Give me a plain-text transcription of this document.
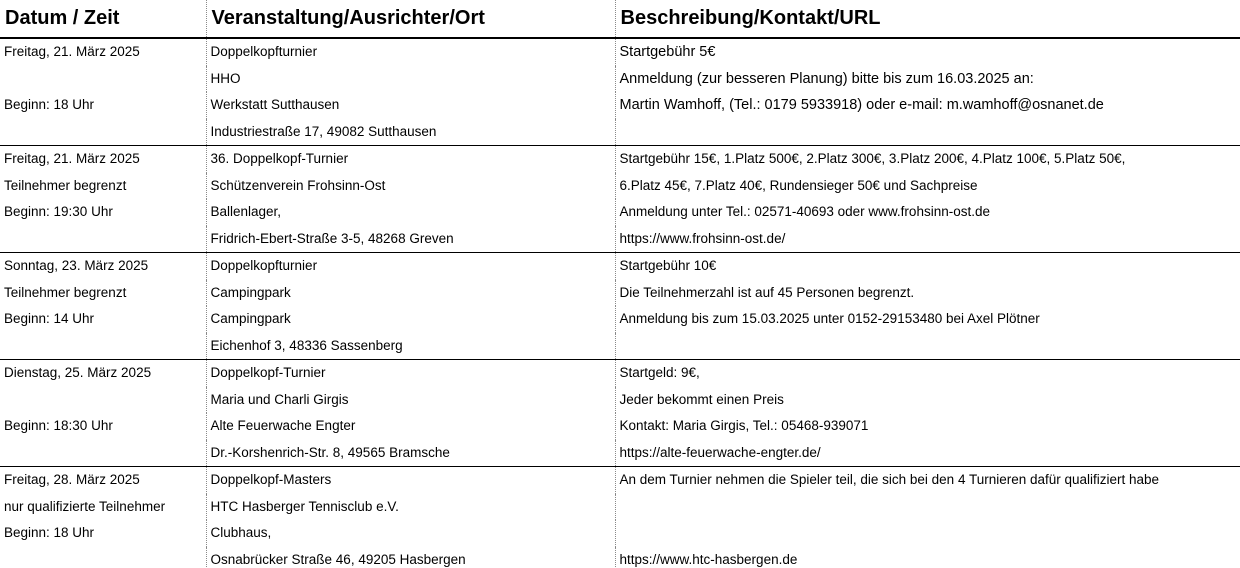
Datum / Zeit	Veranstaltung/Ausrichter/Ort	Beschreibung/Kontakt/URL
Freitag, 21. März 2025	Doppelkopfturnier	Startgebühr 5€
	HHO	Anmeldung (zur besseren Planung) bitte bis zum 16.03.2025 an:
Beginn: 18 Uhr	Werkstatt Sutthausen	Martin Wamhoff, (Tel.: 0179 5933918) oder e-mail: m.wamhoff@osnanet.de
	Industriestraße 17, 49082 Sutthausen	
Freitag, 21. März 2025	36. Doppelkopf-Turnier	Startgebühr 15€, 1.Platz 500€, 2.Platz 300€, 3.Platz 200€, 4.Platz 100€, 5.Platz 50€,
Teilnehmer begrenzt	Schützenverein Frohsinn-Ost	6.Platz 45€, 7.Platz 40€, Rundensieger 50€ und Sachpreise
Beginn: 19:30 Uhr	Ballenlager,	Anmeldung unter Tel.: 02571-40693 oder www.frohsinn-ost.de
	Fridrich-Ebert-Straße 3-5, 48268 Greven	https://www.frohsinn-ost.de/
Sonntag, 23. März 2025	Doppelkopfturnier	Startgebühr 10€
Teilnehmer begrenzt	Campingpark	Die Teilnehmerzahl ist auf 45 Personen begrenzt.
Beginn: 14 Uhr	Campingpark	Anmeldung bis zum 15.03.2025 unter 0152-29153480 bei Axel Plötner
	Eichenhof 3, 48336 Sassenberg	
Dienstag, 25. März 2025	Doppelkopf-Turnier	Startgeld: 9€,
	Maria und Charli Girgis	Jeder bekommt einen Preis
Beginn: 18:30 Uhr	Alte Feuerwache Engter	Kontakt: Maria Girgis, Tel.: 05468-939071
	Dr.-Korshenrich-Str. 8, 49565 Bramsche	https://alte-feuerwache-engter.de/
Freitag, 28. März 2025	Doppelkopf-Masters	An dem Turnier nehmen die Spieler teil, die sich bei den 4 Turnieren dafür qualifiziert habe
nur qualifizierte Teilnehmer	HTC Hasberger Tennisclub e.V.	
Beginn: 18 Uhr	Clubhaus,	
	Osnabrücker Straße 46, 49205 Hasbergen	https://www.htc-hasbergen.de
